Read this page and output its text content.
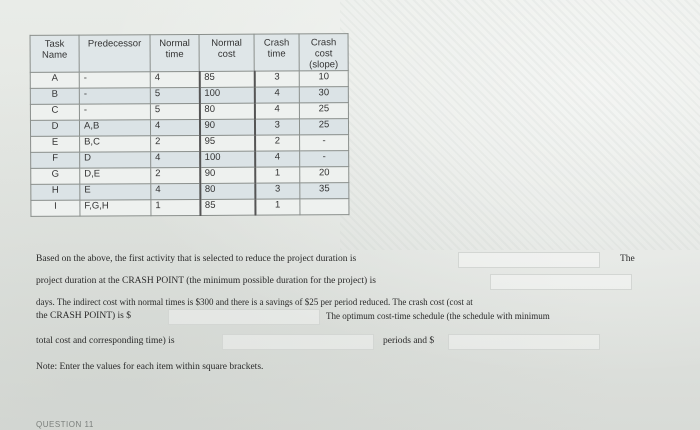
Task Name	Predecessor	Normal time	Normal cost	Crash time	Crash cost (slope)
A	-	4	85	3	10
B	-	5	100	4	30
C	-	5	80	4	25
D	A,B	4	90	3	25
E	B,C	2	95	2	-
F	D	4	100	4	-
G	D,E	2	90	1	20
H	E	4	80	3	35
I	F,G,H	1	85	1	
Based on the above, the first activity that is selected to reduce the project duration is	The
project duration at the CRASH POINT (the minimum possible duration for the project) is
days. The indirect cost with normal times is $300 and there is a savings of $25 per period reduced. The crash cost (cost at
the CRASH POINT) is $	The optimum cost-time schedule (the schedule with minimum
total cost and corresponding time) is	periods and $
Note: Enter the values for each item within square brackets.
QUESTION 11
